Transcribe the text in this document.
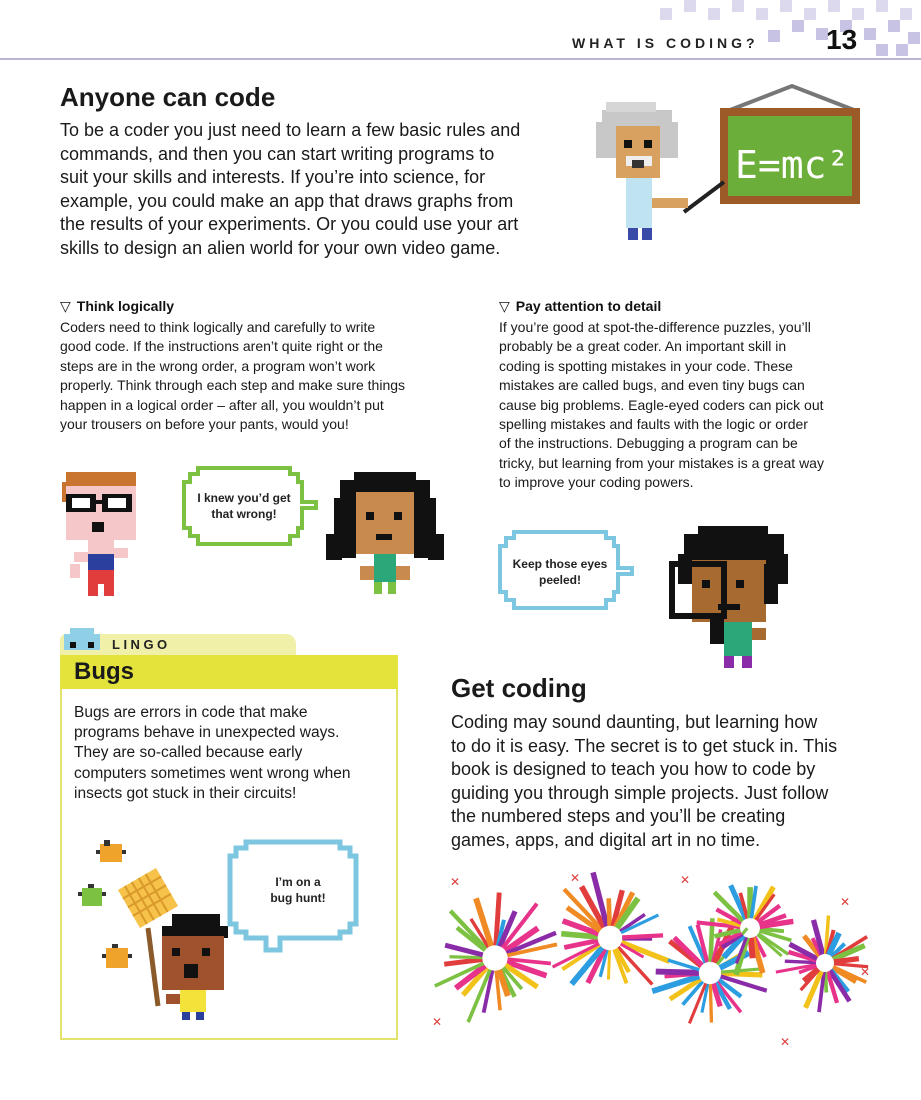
WHAT IS CODING? 13
Anyone can code

To be a coder you just need to learn a few basic rules and

commands, and then you can start writing programs to

suit your skills and interests. If you’re into science, for

example, you could make an app that draws graphs from

the results of your experiments. Or you could use your art

skills to design an alien world for your own video game.

E=mc²
▽ Think logically

Coders need to think logically and carefully to write

good code. If the instructions aren’t quite right or the

steps are in the wrong order, a program won’t work

properly. Think through each step and make sure things

happen in a logical order – after all, you wouldn’t put

your trousers on before your pants, would you!

I knew you’d get
that wrong!
▽ Pay attention to detail

If you’re good at spot-the-difference puzzles, you’ll

probably be a great coder. An important skill in

coding is spotting mistakes in your code. These

mistakes are called bugs, and even tiny bugs can

cause big problems. Eagle-eyed coders can pick out

spelling mistakes and faults with the logic or order

of the instructions. Debugging a program can be

tricky, but learning from your mistakes is a great way

to improve your coding powers.

Keep those eyes
peeled!
LINGO
Bugs
Bugs are errors in code that make
programs behave in unexpected ways.
They are so-called because early
computers sometimes went wrong when
insects got stuck in their circuits!
I’m on a
bug hunt!
Get coding

Coding may sound daunting, but learning how

to do it is easy. The secret is to get stuck in. This

book is designed to teach you how to code by

guiding you through simple projects. Just follow

the numbered steps and you’ll be creating

games, apps, and digital art in no time.

✕	✕
✕
✕
✕
✕
✕
